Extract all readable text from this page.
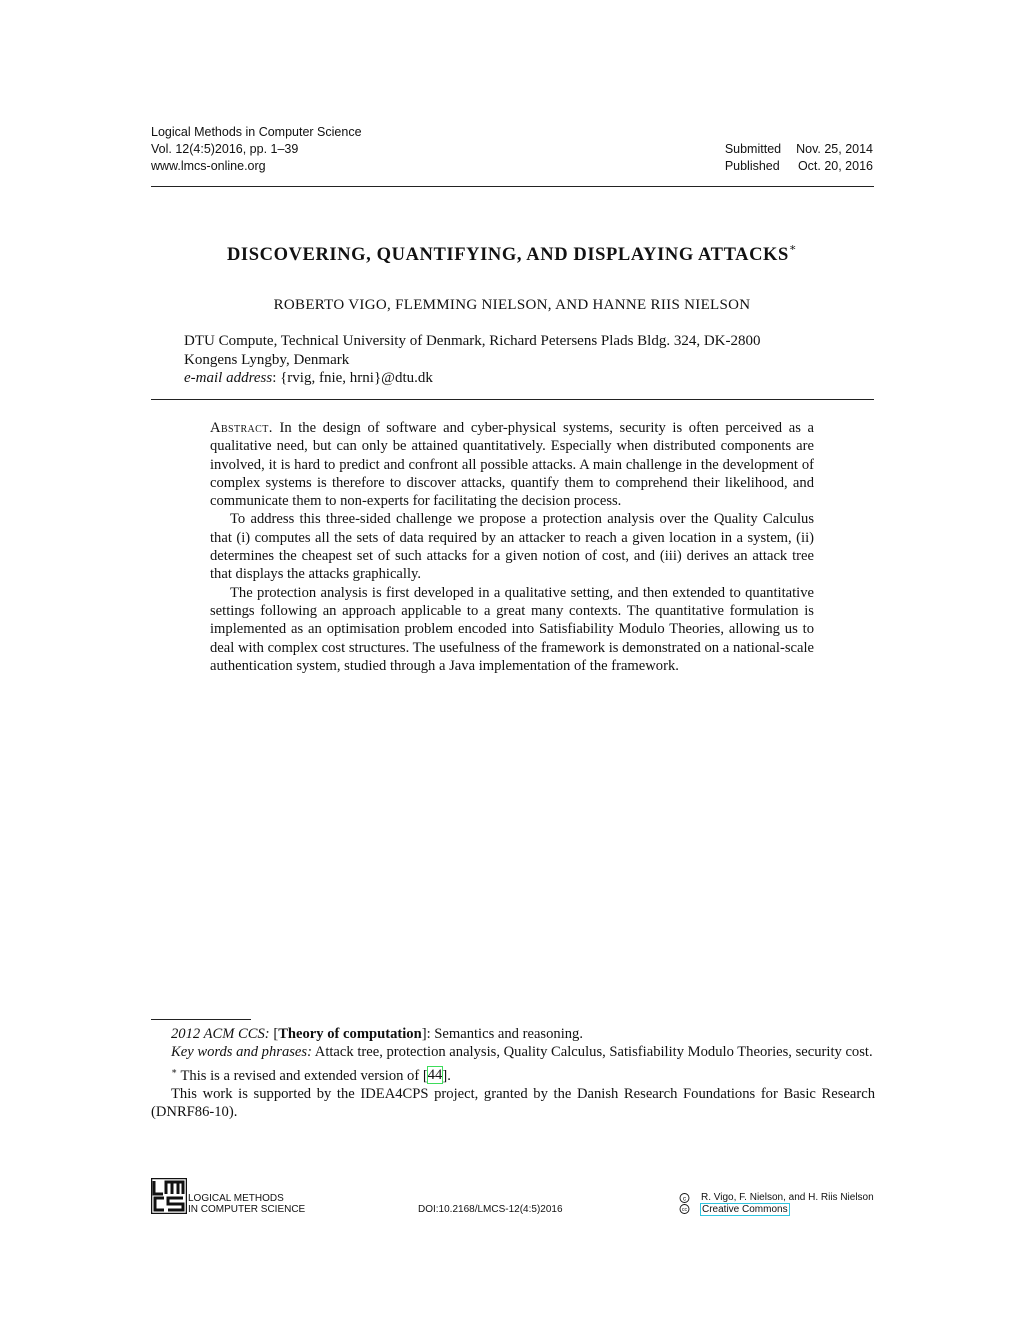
Logical Methods in Computer Science
Vol. 12(4:5)2016, pp. 1–39
www.lmcs-online.org
Submitted	Nov. 25, 2014
Published	Oct. 20, 2016
DISCOVERING, QUANTIFYING, AND DISPLAYING ATTACKS∗
ROBERTO VIGO, FLEMMING NIELSON, AND HANNE RIIS NIELSON
DTU Compute, Technical University of Denmark, Richard Petersens Plads Bldg. 324, DK-2800
Kongens Lyngby, Denmark
e-mail address: {rvig, fnie, hrni}@dtu.dk

Abstract. In the design of software and cyber-physical systems, security is often perceived as a qualitative need, but can only be attained quantitatively. Especially when distributed components are involved, it is hard to predict and confront all possible attacks. A main challenge in the development of complex systems is therefore to discover attacks, quantify them to comprehend their likelihood, and communicate them to non-experts for facilitating the decision process.

To address this three-sided challenge we propose a protection analysis over the Quality Calculus that (i) computes all the sets of data required by an attacker to reach a given location in a system, (ii) determines the cheapest set of such attacks for a given notion of cost, and (iii) derives an attack tree that displays the attacks graphically.

The protection analysis is first developed in a qualitative setting, and then extended to quantitative settings following an approach applicable to a great many contexts. The quantitative formulation is implemented as an optimisation problem encoded into Satisfiability Modulo Theories, allowing us to deal with complex cost structures. The usefulness of the framework is demonstrated on a national-scale authentication system, studied through a Java implementation of the framework.

2012 ACM CCS: [Theory of computation]: Semantics and reasoning.

Key words and phrases: Attack tree, protection analysis, Quality Calculus, Satisfiability Modulo Theories, security cost.

∗ This is a revised and extended version of [44].

This work is supported by the IDEA4CPS project, granted by the Danish Research Foundations for Basic Research (DNRF86-10).

LOGICAL METHODS
IN COMPUTER SCIENCE	DOI:10.2168/LMCS-12(4:5)2016
c R. Vigo, F. Nielson, and H. Riis Nielson
cc Creative Commons
